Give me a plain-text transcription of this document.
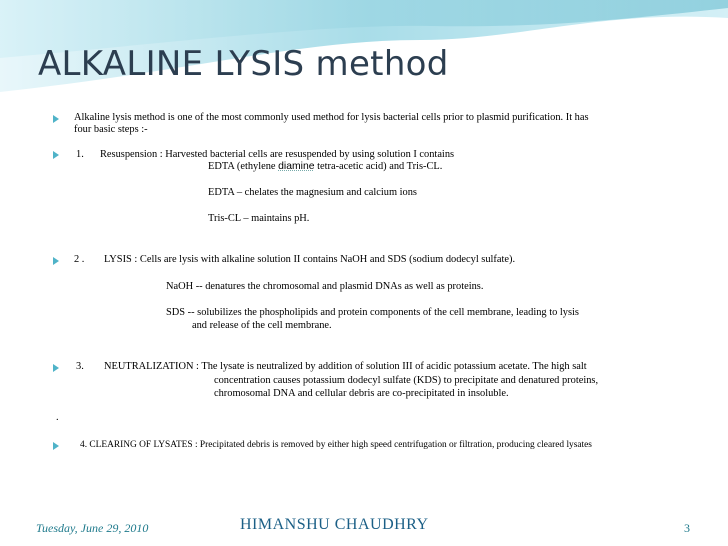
ALKALINE LYSIS method
Alkaline lysis method is one of the most commonly used method for lysis bacterial cells prior to plasmid purification. It has
four basic steps :-
1. Resuspension : Harvested bacterial cells are resuspended by using solution I contains
EDTA (ethylene diamine tetra-acetic acid) and Tris-CL.
EDTA – chelates the magnesium and calcium ions
Tris-CL – maintains pH.
2 . LYSIS : Cells are lysis with alkaline solution II contains NaOH and SDS (sodium dodecyl sulfate).
NaOH -- denatures the chromosomal and plasmid DNAs as well as proteins.
SDS -- solubilizes the phospholipids and protein components of the cell membrane, leading to lysis
and release of the cell membrane.
3. NEUTRALIZATION : The lysate is neutralized by addition of solution III of acidic potassium acetate. The high salt
concentration causes potassium dodecyl sulfate (KDS) to precipitate and denatured proteins,
chromosomal DNA and cellular debris are co-precipitated in insoluble.
.
4. CLEARING OF LYSATES : Precipitated debris is removed by either high speed centrifugation or filtration, producing cleared lysates
Tuesday, June 29, 2010	HIMANSHU CHAUDHRY	3
